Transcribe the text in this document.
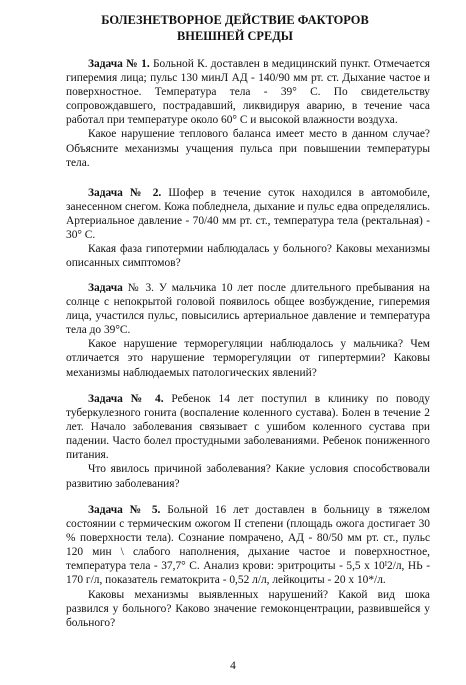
БОЛЕЗНЕТВОРНОЕ ДЕЙСТВИЕ ФАКТОРОВ
ВНЕШНЕЙ СРЕДЫ
Задача № 1. Больной К. доставлен в медицинский пункт. Отмечается гиперемия лица; пульс 130 минЛ АД - 140/90 мм рт. ст. Дыхание частое и поверхностное. Температура тела - 39° С. По свидетельству сопровождавшего, пострадавший, ликвидируя аварию, в течение часа работал при температуре около 60° С и высокой влажности воздуха.
Какое нарушение теплового баланса имеет место в данном случае? Объясните механизмы учащения пульса при повышении температуры тела.
Задача № 2. Шофер в течение суток находился в автомобиле, занесенном снегом. Кожа побледнела, дыхание и пульс едва определялись. Артериальное давление - 70/40 мм рт. ст., температура тела (ректальная) - 30° С.
Какая фаза гипотермии наблюдалась у больного? Каковы механизмы описанных симптомов?
Задача № 3. У мальчика 10 лет после длительного пребывания на солнце с непокрытой головой появилось общее возбуждение, гиперемия лица, участился пульс, повысились артериальное давление и температура тела до 39°С.
Какое нарушение терморегуляции наблюдалось у мальчика? Чем отличается это нарушение терморегуляции от гипертермии? Каковы механизмы наблюдаемых патологических явлений?
Задача № 4. Ребенок 14 лет поступил в клинику по поводу туберкулезного гонита (воспаление коленного сустава). Болен в течение 2 лет. Начало заболевания связывает с ушибом коленного сустава при падении. Часто болел простудными заболеваниями. Ребенок пониженного питания.
Что явилось причиной заболевания? Какие условия способствовали развитию заболевания?
Задача № 5. Больной 16 лет доставлен в больницу в тяжелом состоянии с термическим ожогом II степени (площадь ожога достигает 30 % поверхности тела). Сознание помрачено, АД - 80/50 мм рт. ст., пульс 120 мин \ слабого наполнения, дыхание частое и поверхностное, температура тела - 37,7° С. Анализ крови: эритроциты - 5,5 х 10ᴵ2/л, НЬ - 170 г/л, показатель гематокрита - 0,52 л/л, лейкоциты - 20 х 10*/л.
Каковы механизмы выявленных нарушений? Какой вид шока развился у больного? Каково значение гемоконцентрации, развившейся у больного?
4
